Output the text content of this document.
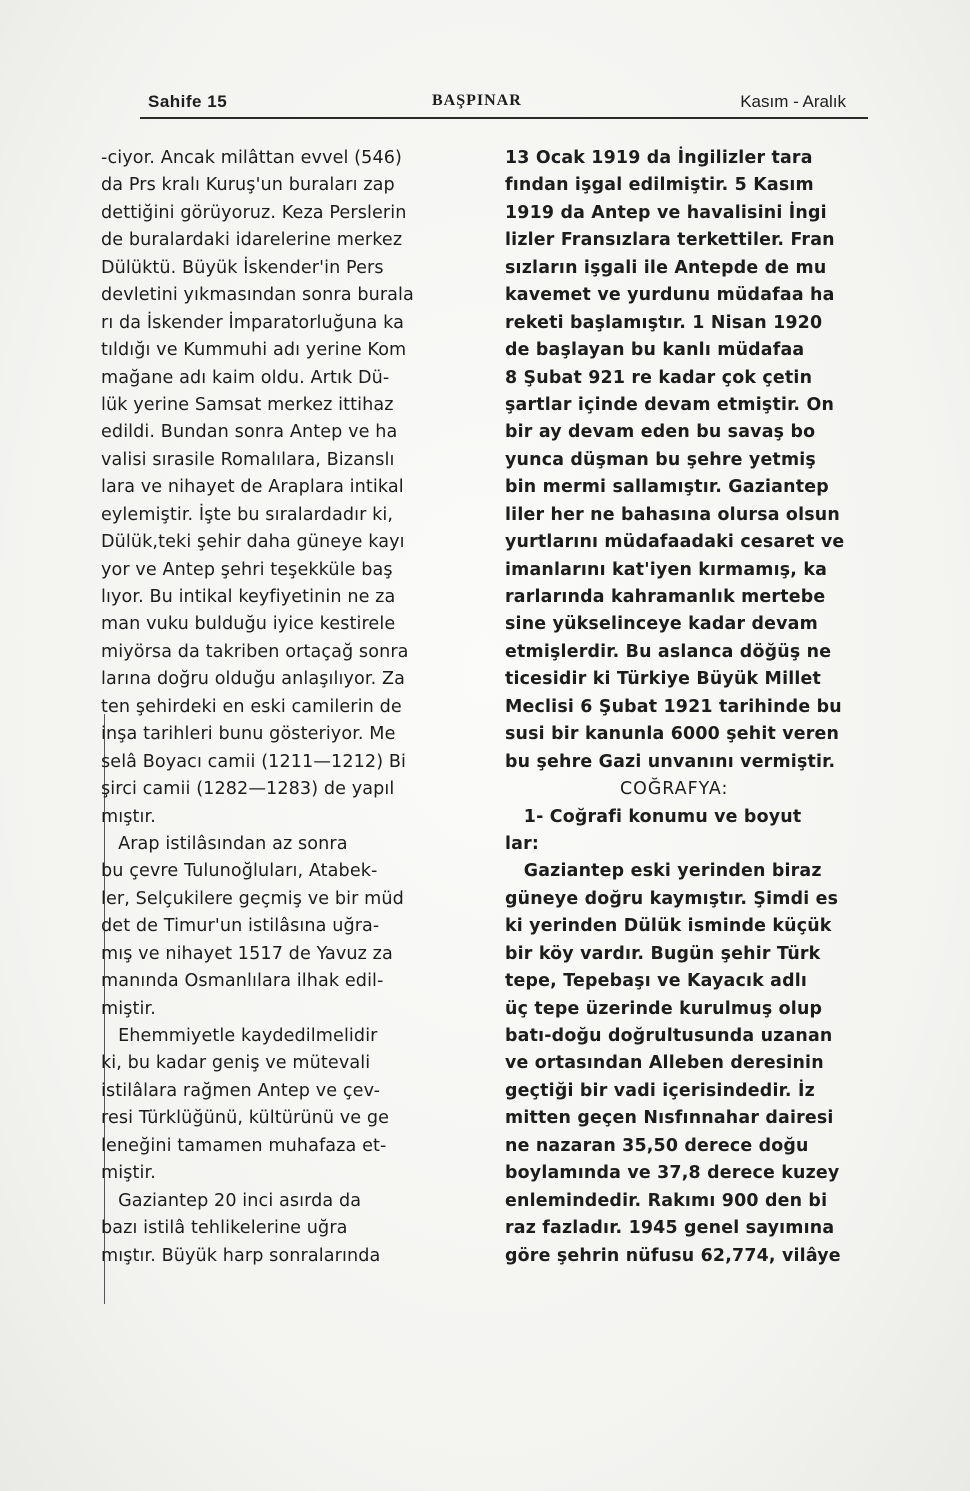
Sahife 15	BAŞPINAR	Kasım - Aralık
-ciyor. Ancak milâttan evvel (546)
da Prs kralı Kuruş'un buraları zap
dettiğini görüyoruz. Keza Perslerin
de buralardaki idarelerine merkez
Dülüktü. Büyük İskender'in Pers
devletini yıkmasından sonra burala
rı da İskender İmparatorluğuna ka
tıldığı ve Kummuhi adı yerine Kom
mağane adı kaim oldu. Artık Dü-
lük yerine Samsat merkez ittihaz
edildi. Bundan sonra Antep ve ha
valisi sırasile Romalılara, Bizanslı
lara ve nihayet de Araplara intikal
eylemiştir. İşte bu sıralardadır ki,
Dülük,teki şehir daha güneye kayı
yor ve Antep şehri teşekküle baş
lıyor. Bu intikal keyfiyetinin ne za
man vuku bulduğu iyice kestirele
miyörsa da takriben ortaçağ sonra
larına doğru olduğu anlaşılıyor. Za
ten şehirdeki en eski camilerin de
inşa tarihleri bunu gösteriyor. Me
selâ Boyacı camii (1211—1212) Bi
şirci camii (1282—1283) de yapıl
mıştır.
Arap istilâsından az sonra
bu çevre Tulunoğluları, Atabek-
ler, Selçukilere geçmiş ve bir müd
det de Timur'un istilâsına uğra-
mış ve nihayet 1517 de Yavuz za
manında Osmanlılara ilhak edil-
miştir.
Ehemmiyetle kaydedilmelidir
ki, bu kadar geniş ve mütevali
istilâlara rağmen Antep ve çev-
resi Türklüğünü, kültürünü ve ge
leneğini tamamen muhafaza et-
miştir.
Gaziantep 20 inci asırda da
bazı istilâ tehlikelerine uğra
mıştır. Büyük harp sonralarında
13 Ocak 1919 da İngilizler tara
fından işgal edilmiştir. 5 Kasım
1919 da Antep ve havalisini İngi
lizler Fransızlara terkettiler. Fran
sızların işgali ile Antepde de mu
kavemet ve yurdunu müdafaa ha
reketi başlamıştır. 1 Nisan 1920
de başlayan bu kanlı müdafaa
8 Şubat 921 re kadar çok çetin
şartlar içinde devam etmiştir. On
bir ay devam eden bu savaş bo
yunca düşman bu şehre yetmiş
bin mermi sallamıştır. Gaziantep
liler her ne bahasına olursa olsun
yurtlarını müdafaadaki cesaret ve
imanlarını kat'iyen kırmamış, ka
rarlarında kahramanlık mertebe
sine yükselinceye kadar devam
etmişlerdir. Bu aslanca döğüş ne
ticesidir ki Türkiye Büyük Millet
Meclisi 6 Şubat 1921 tarihinde bu
susi bir kanunla 6000 şehit veren
bu şehre Gazi unvanını vermiştir.
COĞRAFYA:
1- Coğrafi konumu ve boyut
lar:
Gaziantep eski yerinden biraz
güneye doğru kaymıştır. Şimdi es
ki yerinden Dülük isminde küçük
bir köy vardır. Bugün şehir Türk
tepe, Tepebaşı ve Kayacık adlı
üç tepe üzerinde kurulmuş olup
batı-doğu doğrultusunda uzanan
ve ortasından Alleben deresinin
geçtiği bir vadi içerisindedir. İz
mitten geçen Nısfınnahar dairesi
ne nazaran 35,50 derece doğu
boylamında ve 37,8 derece kuzey
enlemindedir. Rakımı 900 den bi
raz fazladır. 1945 genel sayımına
göre şehrin nüfusu 62,774, vilâye
